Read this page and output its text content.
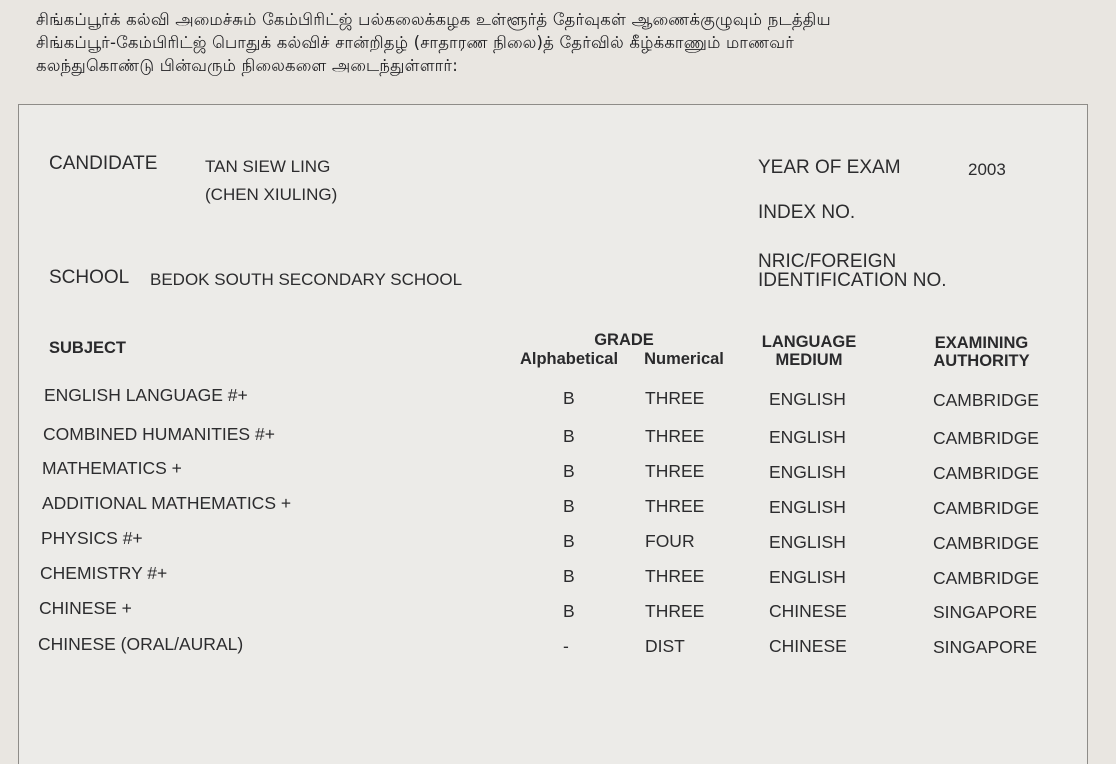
சிங்கப்பூர்க் கல்வி அமைச்சும் கேம்பிரிட்ஜ் பல்கலைக்கழக உள்ளூர்த் தேர்வுகள் ஆணைக்குழுவும் நடத்திய
சிங்கப்பூர்-கேம்பிரிட்ஜ் பொதுக் கல்விச் சான்றிதழ் (சாதாரண நிலை)த் தேர்வில் கீழ்க்காணும் மாணவர்
கலந்துகொண்டு பின்வரும் நிலைகளை அடைந்துள்ளார்:
CANDIDATE	TAN SIEW LING
(CHEN XIULING)
YEAR OF EXAM	2003
INDEX NO.
NRIC/FOREIGN
IDENTIFICATION NO.
SCHOOL BEDOK SOUTH SECONDARY SCHOOL
SUBJECT	GRADE
Alphabetical	Numerical
LANGUAGE
MEDIUM
EXAMINING
AUTHORITY
ENGLISH LANGUAGE #+	B	THREE	ENGLISH	CAMBRIDGE
COMBINED HUMANITIES #+	B	THREE	ENGLISH	CAMBRIDGE
MATHEMATICS +	B	THREE	ENGLISH	CAMBRIDGE
ADDITIONAL MATHEMATICS +	B	THREE	ENGLISH	CAMBRIDGE
PHYSICS #+	B	FOUR	ENGLISH	CAMBRIDGE
CHEMISTRY #+	B	THREE	ENGLISH	CAMBRIDGE
CHINESE +	B	THREE	CHINESE	SINGAPORE
CHINESE (ORAL/AURAL)	-	DIST	CHINESE	SINGAPORE
